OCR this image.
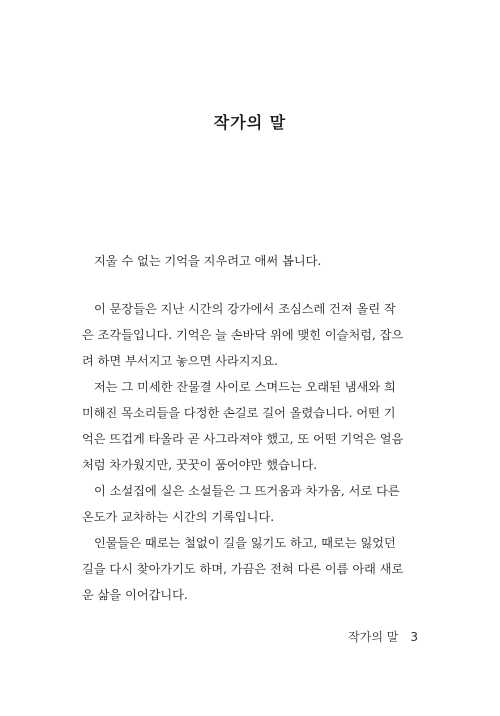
작가의 말
지울 수 없는 기억을 지우려고 애써 봅니다.
이 문장들은 지난 시간의 강가에서 조심스레 건져 올린 작
은 조각들입니다. 기억은 늘 손바닥 위에 맺힌 이슬처럼, 잡으
려 하면 부서지고 놓으면 사라지지요.
저는 그 미세한 잔물결 사이로 스며드는 오래된 냄새와 희
미해진 목소리들을 다정한 손길로 길어 올렸습니다. 어떤 기
억은 뜨겁게 타올라 곧 사그라져야 했고, 또 어떤 기억은 얼음
처럼 차가웠지만, 꿋꿋이 품어야만 했습니다.
이 소설집에 실은 소설들은 그 뜨거움과 차가움, 서로 다른
온도가 교차하는 시간의 기록입니다.
인물들은 때로는 철없이 길을 잃기도 하고, 때로는 잃었던
길을 다시 찾아가기도 하며, 가끔은 전혀 다른 이름 아래 새로
운 삶을 이어갑니다.
작가의 말 3
